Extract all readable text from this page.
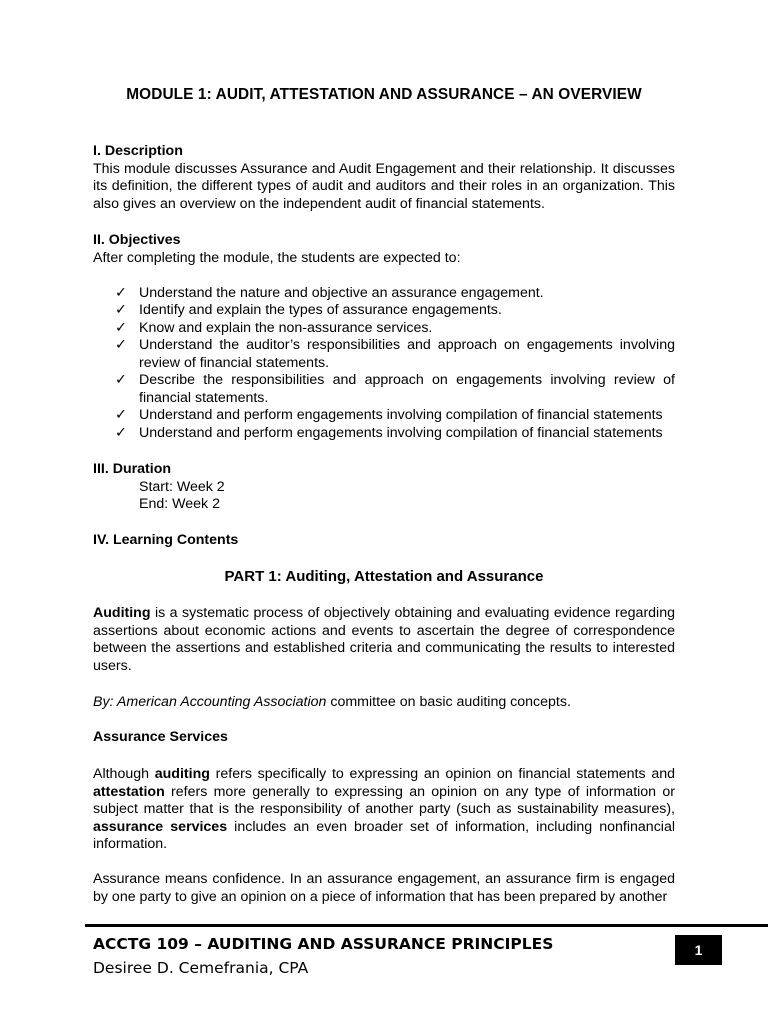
MODULE 1: AUDIT, ATTESTATION AND ASSURANCE – AN OVERVIEW
I. Description

This module discusses Assurance and Audit Engagement and their relationship. It discusses its definition, the different types of audit and auditors and their roles in an organization. This also gives an overview on the independent audit of financial statements.

II. Objectives

After completing the module, the students are expected to:

✓ Understand the nature and objective an assurance engagement.
✓ Identify and explain the types of assurance engagements.
✓ Know and explain the non-assurance services.
✓ Understand the auditor’s responsibilities and approach on engagements involving review of financial statements.
✓ Describe the responsibilities and approach on engagements involving review of financial statements.
✓ Understand and perform engagements involving compilation of financial statements
✓ Understand and perform engagements involving compilation of financial statements
III. Duration
Start: Week 2
End: Week 2
IV. Learning Contents
PART 1: Auditing, Attestation and Assurance

Auditing is a systematic process of objectively obtaining and evaluating evidence regarding assertions about economic actions and events to ascertain the degree of correspondence between the assertions and established criteria and communicating the results to interested users.

By: American Accounting Association committee on basic auditing concepts.

Assurance Services

Although auditing refers specifically to expressing an opinion on financial statements and attestation refers more generally to expressing an opinion on any type of information or subject matter that is the responsibility of another party (such as sustainability measures), assurance services includes an even broader set of information, including nonfinancial information.

Assurance means confidence. In an assurance engagement, an assurance firm is engaged by one party to give an opinion on a piece of information that has been prepared by another

ACCTG 109 – AUDITING AND ASSURANCE PRINCIPLES
Desiree D. Cemefrania, CPA
1
